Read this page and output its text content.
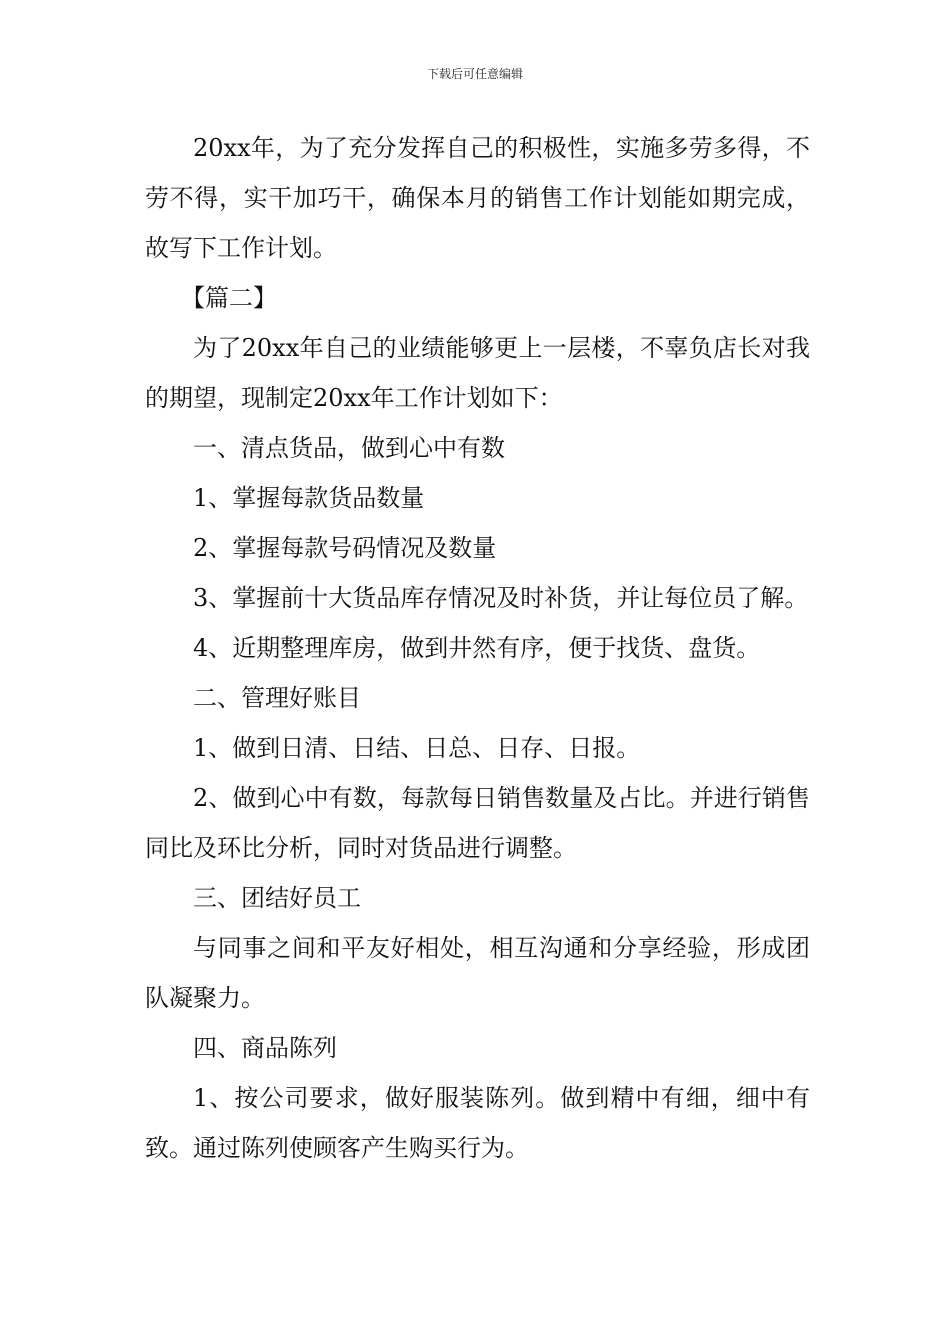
下载后可任意编辑

20xx年，为了充分发挥自己的积极性，实施多劳多得，不劳不得，实干加巧干，确保本月的销售工作计划能如期完成，故写下工作计划。

【篇二】

为了20xx年自己的业绩能够更上一层楼，不辜负店长对我的期望，现制定20xx年工作计划如下：

一、清点货品，做到心中有数

1、掌握每款货品数量

2、掌握每款号码情况及数量

3、掌握前十大货品库存情况及时补货，并让每位员了解。

4、近期整理库房，做到井然有序，便于找货、盘货。

二、管理好账目

1、做到日清、日结、日总、日存、日报。

2、做到心中有数，每款每日销售数量及占比。并进行销售同比及环比分析，同时对货品进行调整。

三、团结好员工

与同事之间和平友好相处，相互沟通和分享经验，形成团队凝聚力。

四、商品陈列

1、按公司要求，做好服装陈列。做到精中有细，细中有致。通过陈列使顾客产生购买行为。
